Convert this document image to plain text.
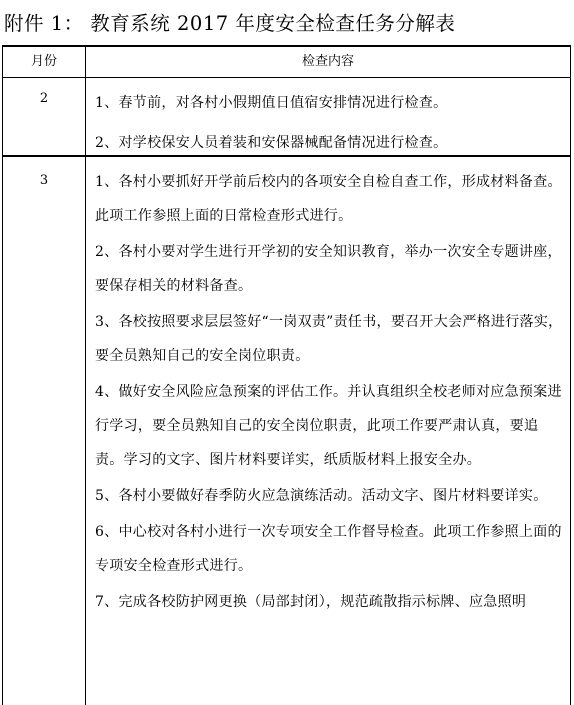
附件 1： 教育系统 2017 年度安全检查任务分解表
月份	检查内容
2	1、春节前，对各村小假期值日值宿安排情况进行检查。

2、对学校保安人员着装和安保器械配备情况进行检查。

3	1、各村小要抓好开学前后校内的各项安全自检自查工作，形成材料备查。此项工作参照上面的日常检查形式进行。

2、各村小要对学生进行开学初的安全知识教育，举办一次安全专题讲座，要保存相关的材料备查。

3、各校按照要求层层签好“一岗双责”责任书，要召开大会严格进行落实，要全员熟知自己的安全岗位职责。

4、做好安全风险应急预案的评估工作。并认真组织全校老师对应急预案进行学习，要全员熟知自己的安全岗位职责，此项工作要严肃认真，要追责。学习的文字、图片材料要详实，纸质版材料上报安全办。

5、各村小要做好春季防火应急演练活动。活动文字、图片材料要详实。

6、中心校对各村小进行一次专项安全工作督导检查。此项工作参照上面的专项安全检查形式进行。

7、完成各校防护网更换（局部封闭），规范疏散指示标牌、应急照明
